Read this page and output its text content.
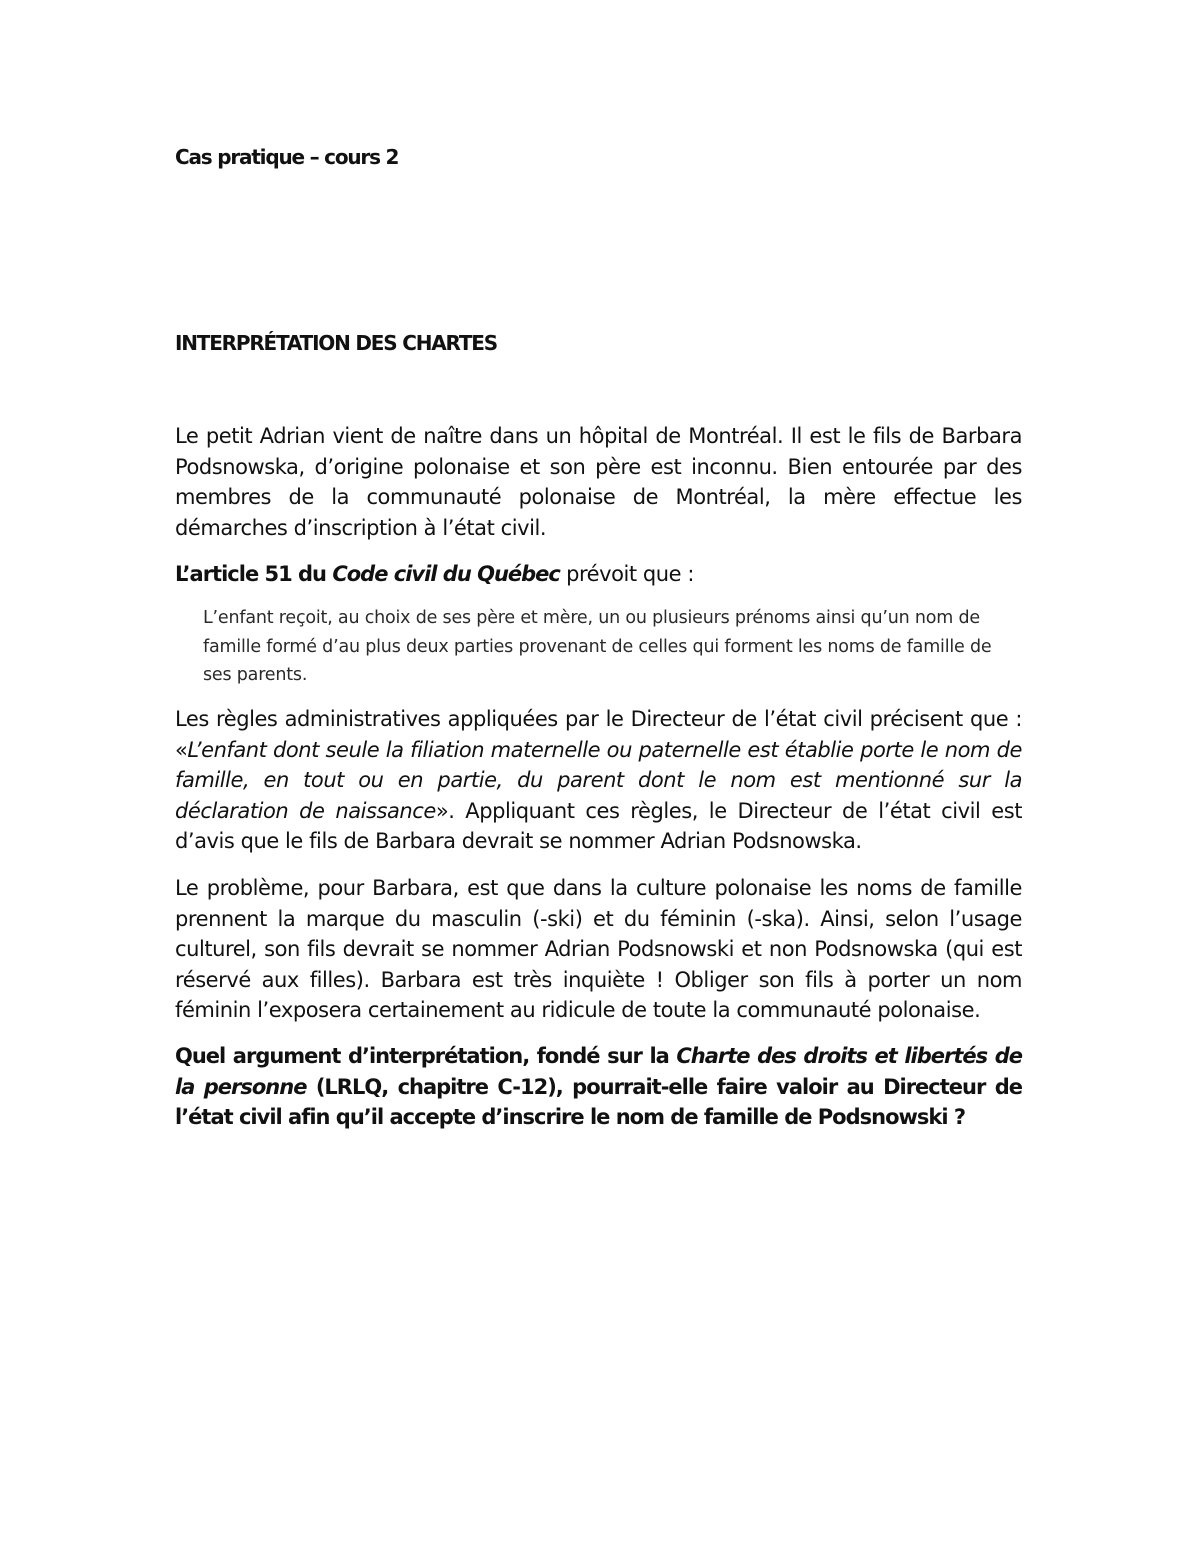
Cas pratique – cours 2
INTERPRÉTATION DES CHARTES

Le petit Adrian vient de naître dans un hôpital de Montréal. Il est le fils de Barbara Podsnowska, d’origine polonaise et son père est inconnu. Bien entourée par des membres de la communauté polonaise de Montréal, la mère effectue les démarches d’inscription à l’état civil.

L’article 51 du Code civil du Québec prévoit que :

L’enfant reçoit, au choix de ses père et mère, un ou plusieurs prénoms ainsi qu’un nom de famille formé d’au plus deux parties provenant de celles qui forment les noms de famille de ses parents.

Les règles administratives appliquées par le Directeur de l’état civil précisent que : «L’enfant dont seule la filiation maternelle ou paternelle est établie porte le nom de famille, en tout ou en partie, du parent dont le nom est mentionné sur la déclaration de naissance». Appliquant ces règles, le Directeur de l’état civil est d’avis que le fils de Barbara devrait se nommer Adrian Podsnowska.

Le problème, pour Barbara, est que dans la culture polonaise les noms de famille prennent la marque du masculin (-ski) et du féminin (-ska). Ainsi, selon l’usage culturel, son fils devrait se nommer Adrian Podsnowski et non Podsnowska (qui est réservé aux filles). Barbara est très inquiète ! Obliger son fils à porter un nom féminin l’exposera certainement au ridicule de toute la communauté polonaise.

Quel argument d’interprétation, fondé sur la Charte des droits et libertés de la personne (LRLQ, chapitre C-12), pourrait-elle faire valoir au Directeur de l’état civil afin qu’il accepte d’inscrire le nom de famille de Podsnowski ?
